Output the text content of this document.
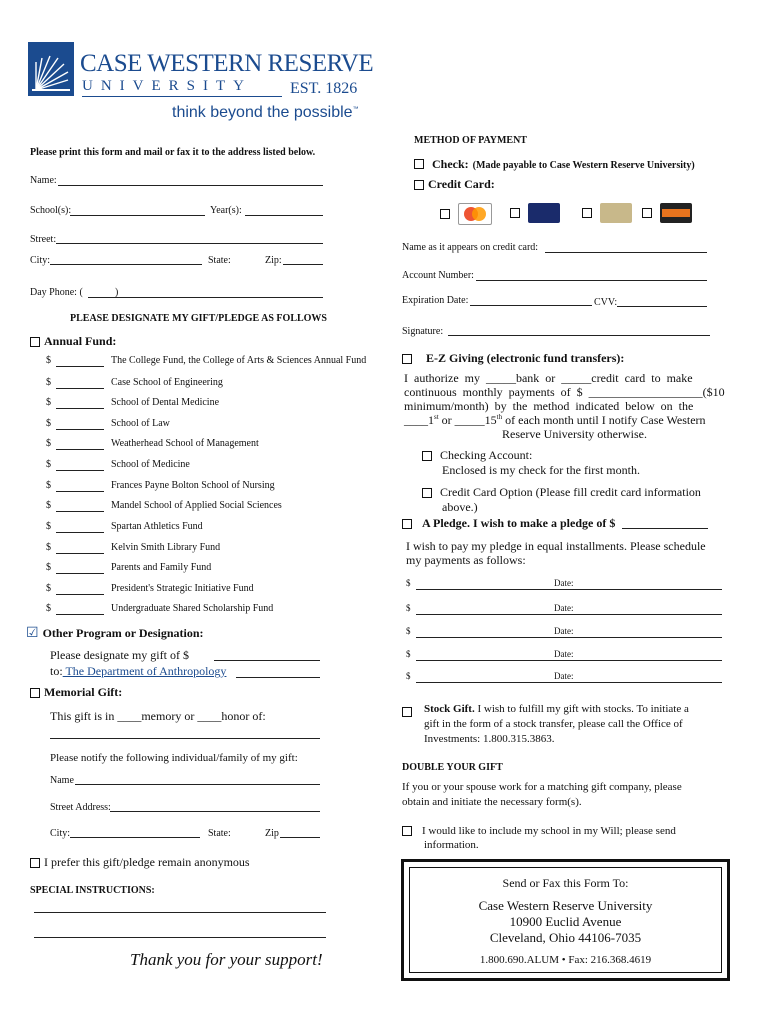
CASE WESTERN RESERVE
UNIVERSITY EST. 1826
think beyond the possible™
Please print this form and mail or fax it to the address listed below.
Name:
School(s):	Year(s):
Street:
City:	State:	Zip:
Day Phone: (	)
PLEASE DESIGNATE MY GIFT/PLEDGE AS FOLLOWS
Annual Fund:
$	The College Fund, the College of Arts & Sciences Annual Fund
$	Case School of Engineering
$	School of Dental Medicine
$	School of Law
$	Weatherhead School of Management
$	School of Medicine
$	Frances Payne Bolton School of Nursing
$	Mandel School of Applied Social Sciences
$	Spartan Athletics Fund
$	Kelvin Smith Library Fund
$	Parents and Family Fund
$	President's Strategic Initiative Fund
$	Undergraduate Shared Scholarship Fund
☑ Other Program or Designation:
Please designate my gift of $
to: The Department of Anthropology
Memorial Gift:
This gift is in ____memory or ____honor of:
Please notify the following individual/family of my gift:
Name
Street Address:
City:	State:	Zip
I prefer this gift/pledge remain anonymous
SPECIAL INSTRUCTIONS:
Thank you for your support!
METHOD OF PAYMENT
Check: (Made payable to Case Western Reserve University)
Credit Card:
Name as it appears on credit card:
Account Number:
Expiration Date:	CVV:
Signature:
E-Z Giving (electronic fund transfers):
I  authorize  my  _____bank  or  _____credit  card  to  make
continuous  monthly  payments  of  $  ___________________($10
minimum/month)  by  the  method  indicated  below  on  the
____1st or _____15th of each month until I notify Case Western
Reserve University otherwise.
Checking Account:
Enclosed is my check for the first month.
Credit Card Option (Please fill credit card information
above.)
A Pledge. I wish to make a pledge of $
I wish to pay my pledge in equal installments. Please schedule
my payments as follows:
$	Date:
$	Date:
$	Date:
$	Date:
$	Date:
Stock Gift. I wish to fulfill my gift with stocks. To initiate a
gift in the form of a stock transfer, please call the Office of
Investments: 1.800.315.3863.
DOUBLE YOUR GIFT
If you or your spouse work for a matching gift company, please
obtain and initiate the necessary form(s).
I would like to include my school in my Will; please send
information.
Send or Fax this Form To:
Case Western Reserve University
10900 Euclid Avenue
Cleveland, Ohio 44106-7035
1.800.690.ALUM • Fax: 216.368.4619
